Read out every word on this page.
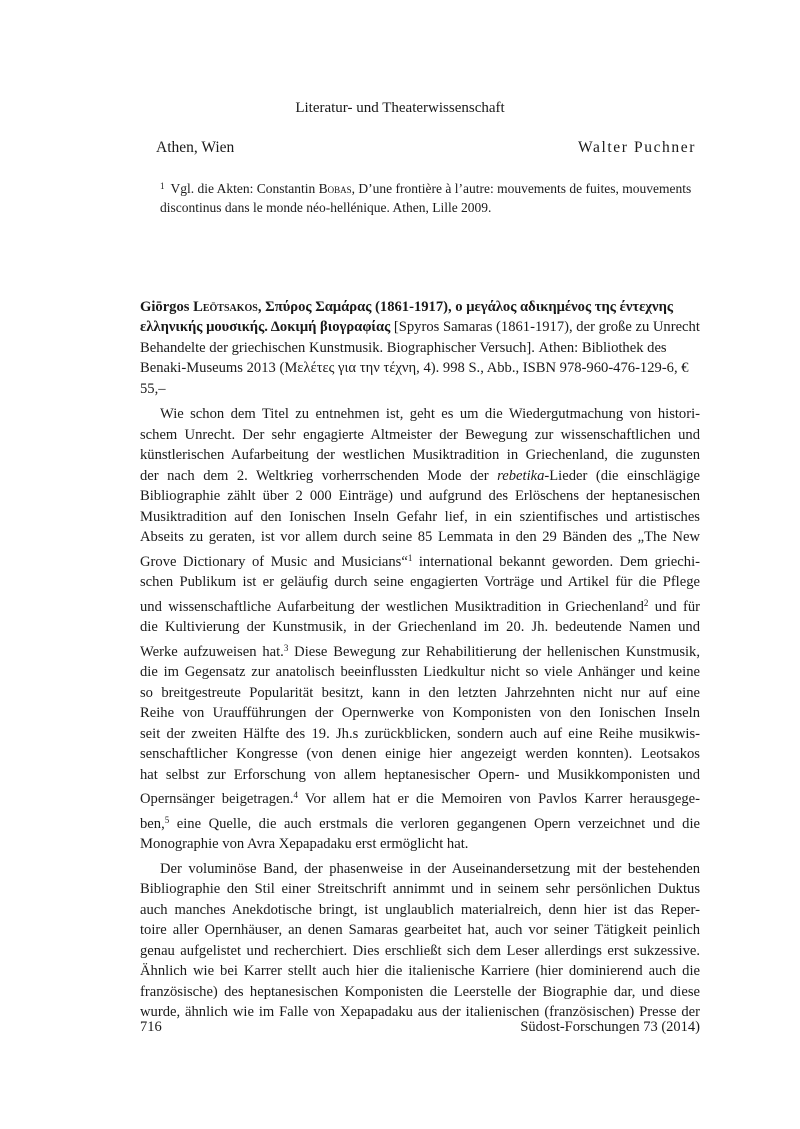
Literatur- und Theaterwissenschaft
Athen, Wien	Walter Puchner
$^1$ Vgl. die Akten: Constantin Bobas, D’une frontière à l’autre: mouvements de fuites, mouvements discontinus dans le monde néo-hellénique. Athen, Lille 2009.
Giōrgos Leōtsakos, Σπύρος Σαμάρας (1861-1917), ο μεγάλος αδικημένος της έντεχνης ελληνικής μουσικής. Δοκιμή βιογραφίας [Spyros Samaras (1861-1917), der große zu Unrecht Behandelte der griechischen Kunstmusik. Biographischer Versuch]. Athen: Bibliothek des Benaki-Museums 2013 (Μελέτες για την τέχνη, 4). 998 S., Abb., ISBN 978-960-476-129-6, € 55,–
Wie schon dem Titel zu entnehmen ist, geht es um die Wiedergutmachung von histori-
schem Unrecht. Der sehr engagierte Altmeister der Bewegung zur wissenschaftlichen und
künstlerischen Aufarbeitung der westlichen Musiktradition in Griechenland, die zugunsten
der nach dem 2. Weltkrieg vorherrschenden Mode der rebetika-Lieder (die einschlägige
Bibliographie zählt über 2 000 Einträge) und aufgrund des Erlöschens der heptanesischen
Musiktradition auf den Ionischen Inseln Gefahr lief, in ein szientifisches und artistisches
Abseits zu geraten, ist vor allem durch seine 85 Lemmata in den 29 Bänden des „The New
Grove Dictionary of Music and Musicians“$^1$ international bekannt geworden. Dem griechi-
schen Publikum ist er geläufig durch seine engagierten Vorträge und Artikel für die Pflege
und wissenschaftliche Aufarbeitung der westlichen Musiktradition in Griechenland$^2$ und für
die Kultivierung der Kunstmusik, in der Griechenland im 20. Jh. bedeutende Namen und
Werke aufzuweisen hat.$^3$ Diese Bewegung zur Rehabilitierung der hellenischen Kunstmusik,
die im Gegensatz zur anatolisch beeinflussten Liedkultur nicht so viele Anhänger und keine
so breitgestreute Popularität besitzt, kann in den letzten Jahrzehnten nicht nur auf eine
Reihe von Uraufführungen der Opernwerke von Komponisten von den Ionischen Inseln
seit der zweiten Hälfte des 19. Jh.s zurückblicken, sondern auch auf eine Reihe musikwis-
senschaftlicher Kongresse (von denen einige hier angezeigt werden konnten). Leotsakos
hat selbst zur Erforschung von allem heptanesischer Opern- und Musikkomponisten und
Opernsänger beigetragen.$^4$ Vor allem hat er die Memoiren von Pavlos Karrer herausgege-
ben,$^5$ eine Quelle, die auch erstmals die verloren gegangenen Opern verzeichnet und die
Monographie von Avra Xepapadaku erst ermöglicht hat.
Der voluminöse Band, der phasenweise in der Auseinandersetzung mit der bestehenden
Bibliographie den Stil einer Streitschrift annimmt und in seinem sehr persönlichen Duktus
auch manches Anekdotische bringt, ist unglaublich materialreich, denn hier ist das Reper-
toire aller Opernhäuser, an denen Samaras gearbeitet hat, auch vor seiner Tätigkeit peinlich
genau aufgelistet und recherchiert. Dies erschließt sich dem Leser allerdings erst sukzessive.
Ähnlich wie bei Karrer stellt auch hier die italienische Karriere (hier dominierend auch die
französische) des heptanesischen Komponisten die Leerstelle der Biographie dar, und diese
wurde, ähnlich wie im Falle von Xepapadaku aus der italienischen (französischen) Presse der
716	Südost-Forschungen 73 (2014)
